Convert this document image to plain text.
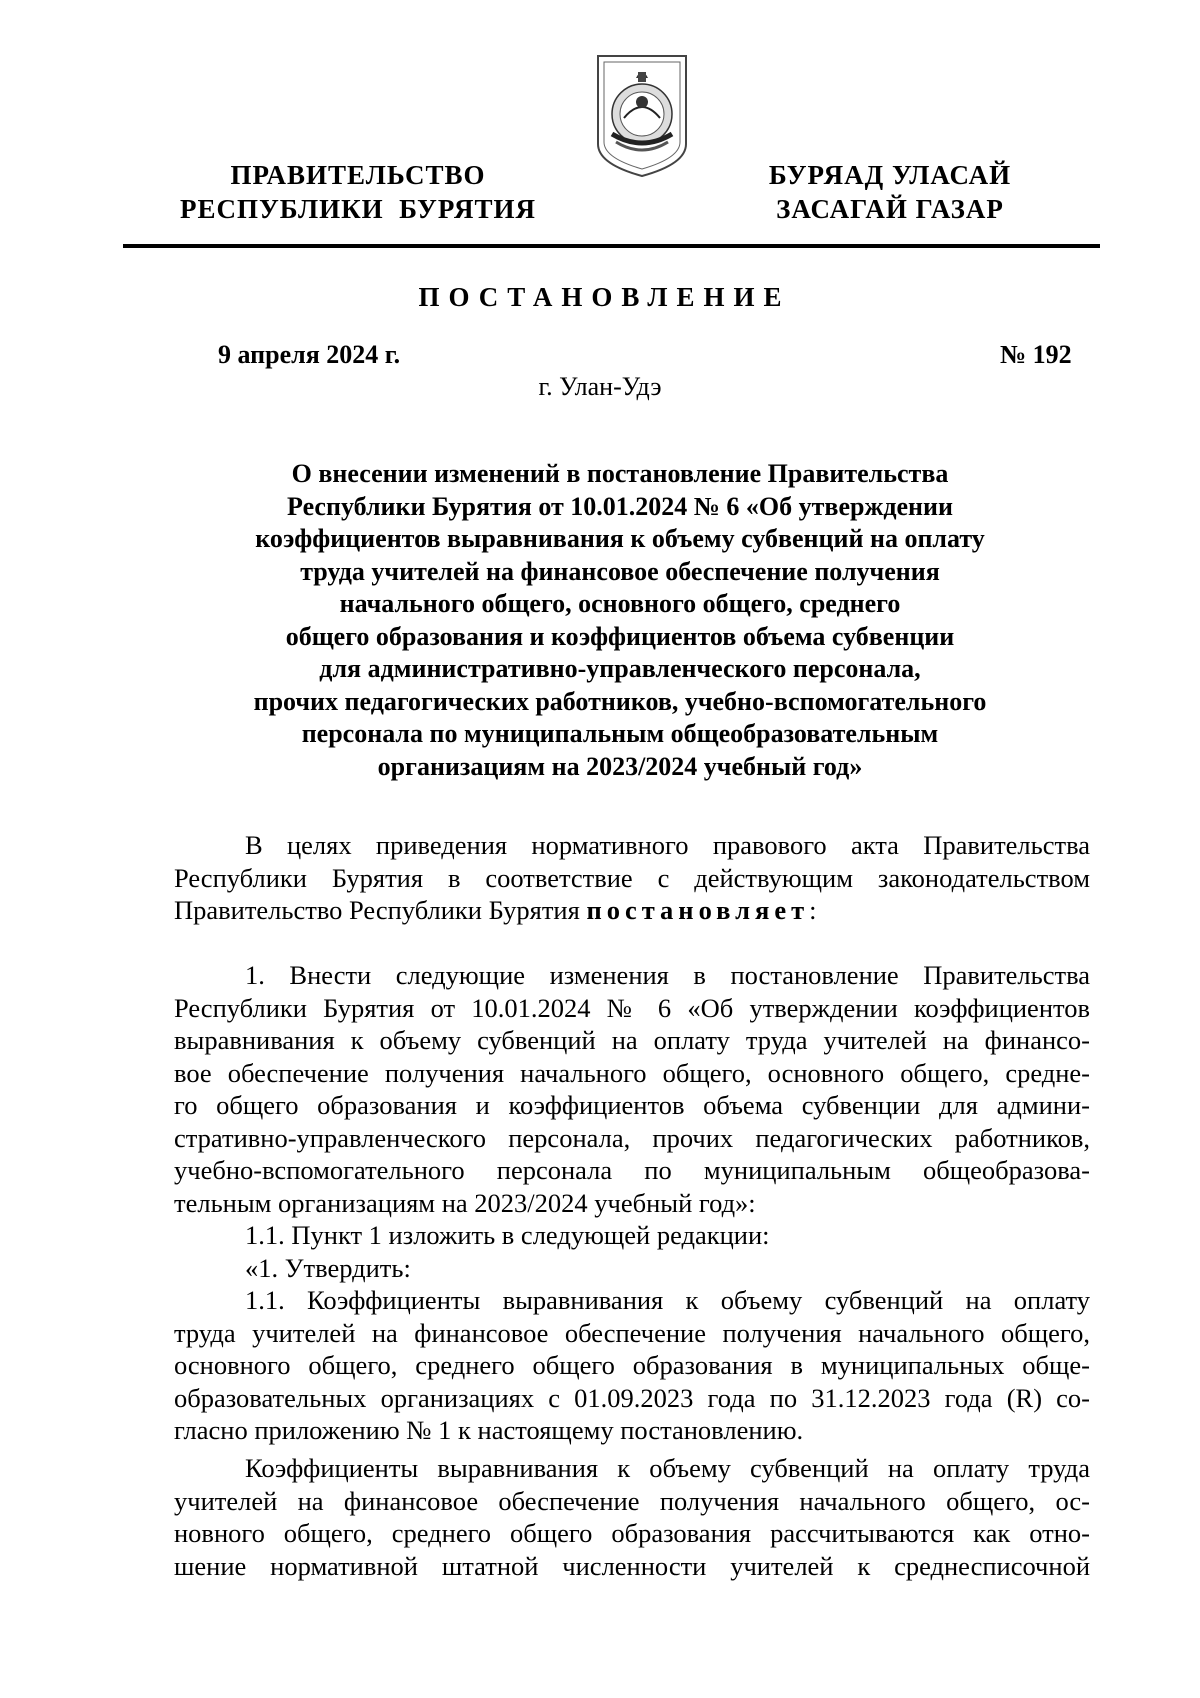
ПРАВИТЕЛЬСТВО
РЕСПУБЛИКИ  БУРЯТИЯ
БУРЯАД УЛАСАЙ
ЗАСАГАЙ ГАЗАР
ПОСТАНОВЛЕНИЕ
9 апреля 2024 г.	№ 192
г. Улан-Удэ
О внесении изменений в постановление Правительства
Республики Бурятия от 10.01.2024 № 6 «Об утверждении
коэффициентов выравнивания к объему субвенций на оплату
труда учителей на финансовое обеспечение получения
начального общего, основного общего, среднего
общего образования и коэффициентов объема субвенции
для административно-управленческого персонала,
прочих педагогических работников, учебно-вспомогательного
персонала по муниципальным общеобразовательным
организациям на 2023/2024 учебный год»
В целях приведения нормативного правового акта Правительства
Республики Бурятия в соответствие с действующим законодательством
Правительство Республики Бурятия постановляет:
1. Внести следующие изменения в постановление Правительства
Республики Бурятия от 10.01.2024 № 6 «Об утверждении коэффициентов
выравнивания к объему субвенций на оплату труда учителей на финансо-
вое обеспечение получения начального общего, основного общего, средне-
го общего образования и коэффициентов объема субвенции для админи-
стративно-управленческого персонала, прочих педагогических работников,
учебно-вспомогательного персонала по муниципальным общеобразова-
тельным организациям на 2023/2024 учебный год»:
1.1. Пункт 1 изложить в следующей редакции:
«1. Утвердить:
1.1. Коэффициенты выравнивания к объему субвенций на оплату
труда учителей на финансовое обеспечение получения начального общего,
основного общего, среднего общего образования в муниципальных обще-
образовательных организациях с 01.09.2023 года по 31.12.2023 года (R) со-
гласно приложению № 1 к настоящему постановлению.
Коэффициенты выравнивания к объему субвенций на оплату труда
учителей на финансовое обеспечение получения начального общего, ос-
новного общего, среднего общего образования рассчитываются как отно-
шение нормативной штатной численности учителей к среднесписочной
